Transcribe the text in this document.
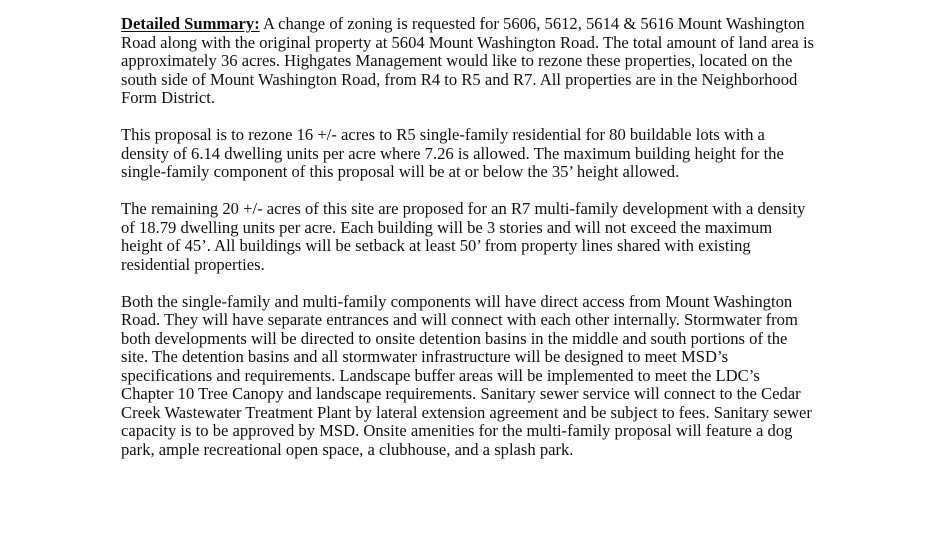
Detailed Summary: A change of zoning is requested for 5606, 5612, 5614 & 5616 Mount Washington Road along with the original property at 5604 Mount Washington Road. The total amount of land area is approximately 36 acres. Highgates Management would like to rezone these properties, located on the south side of Mount Washington Road, from R4 to R5 and R7. All properties are in the Neighborhood Form District.

This proposal is to rezone 16 +/- acres to R5 single-family residential for 80 buildable lots with a density of 6.14 dwelling units per acre where 7.26 is allowed. The maximum building height for the single-family component of this proposal will be at or below the 35’ height allowed.

The remaining 20 +/- acres of this site are proposed for an R7 multi-family development with a density of 18.79 dwelling units per acre. Each building will be 3 stories and will not exceed the maximum height of 45’. All buildings will be setback at least 50’ from property lines shared with existing residential properties.

Both the single-family and multi-family components will have direct access from Mount Washington Road. They will have separate entrances and will connect with each other internally. Stormwater from both developments will be directed to onsite detention basins in the middle and south portions of the site. The detention basins and all stormwater infrastructure will be designed to meet MSD’s specifications and requirements. Landscape buffer areas will be implemented to meet the LDC’s Chapter 10 Tree Canopy and landscape requirements. Sanitary sewer service will connect to the Cedar Creek Wastewater Treatment Plant by lateral extension agreement and be subject to fees. Sanitary sewer capacity is to be approved by MSD. Onsite amenities for the multi-family proposal will feature a dog park, ample recreational open space, a clubhouse, and a splash park.
